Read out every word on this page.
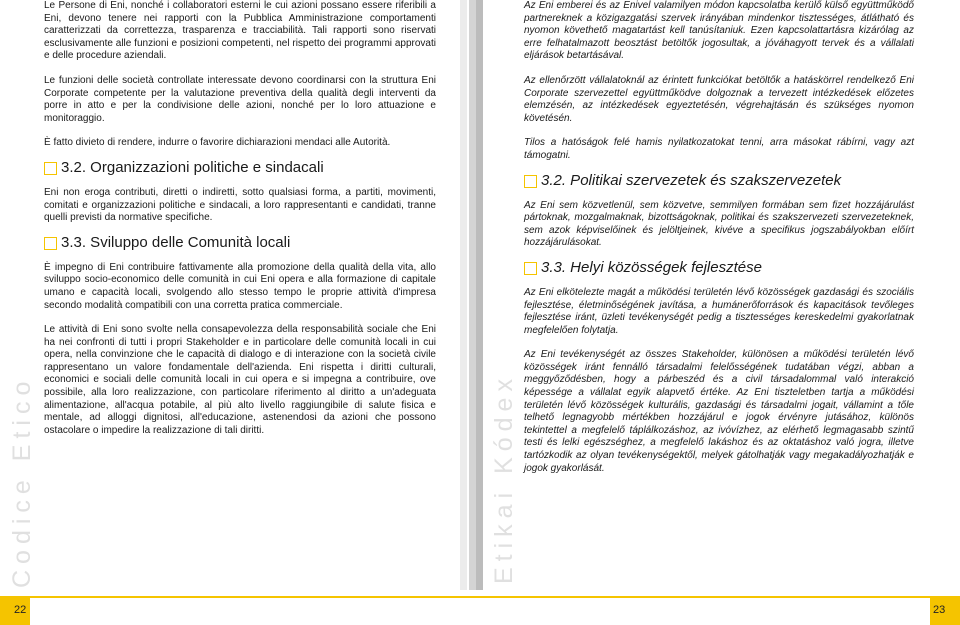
Codice Etico	Etikai Kódex

Le Persone di Eni, nonché i collaboratori esterni le cui azioni possano essere riferibili a Eni, devono tenere nei rapporti con la Pubblica Amministrazione comportamenti caratterizzati da correttezza, trasparenza e tracciabilità. Tali rapporti sono riservati esclusivamente alle funzioni e posizioni competenti, nel rispetto dei programmi approvati e delle procedure aziendali.

Le funzioni delle società controllate interessate devono coordinarsi con la struttura Eni Corporate competente per la valutazione preventiva della qualità degli interventi da porre in atto e per la condivisione delle azioni, nonché per lo loro attuazione e monitoraggio.

È fatto divieto di rendere, indurre o favorire dichiarazioni mendaci alle Autorità.

3.2. Organizzazioni politiche e sindacali

Eni non eroga contributi, diretti o indiretti, sotto qualsiasi forma, a partiti, movimenti, comitati e organizzazioni politiche e sindacali, a loro rappresentanti e candidati, tranne quelli previsti da normative specifiche.

3.3. Sviluppo delle Comunità locali

È impegno di Eni contribuire fattivamente alla promozione della qualità della vita, allo sviluppo socio-economico delle comunità in cui Eni opera e alla formazione di capitale umano e capacità locali, svolgendo allo stesso tempo le proprie attività d'impresa secondo modalità compatibili con una corretta pratica commerciale.

Le attività di Eni sono svolte nella consapevolezza della responsabilità sociale che Eni ha nei confronti di tutti i propri Stakeholder e in particolare delle comunità locali in cui opera, nella convinzione che le capacità di dialogo e di interazione con la società civile rappresentano un valore fondamentale dell'azienda. Eni rispetta i diritti culturali, economici e sociali delle comunità locali in cui opera e si impegna a contribuire, ove possibile, alla loro realizzazione, con particolare riferimento al diritto a un'adeguata alimentazione, all'acqua potabile, al più alto livello raggiungibile di salute fisica e mentale, ad alloggi dignitosi, all'educazione, astenendosi da azioni che possono ostacolare o impedire la realizzazione di tali diritti.

Az Eni emberei és az Enivel valamilyen módon kapcsolatba kerülő külső együttműködő partnereknek a közigazgatási szervek irányában mindenkor tisztességes, átlátható és nyomon követhető magatartást kell tanúsítaniuk. Ezen kapcsolattartásra kizárólag az erre felhatalmazott beosztást betöltők jogosultak, a jóváhagyott tervek és a vállalati eljárások betartásával.

Az ellenőrzött vállalatoknál az érintett funkciókat betöltők a hatáskörrel rendelkező Eni Corporate szervezettel együttműködve dolgoznak a tervezett intézkedések előzetes elemzésén, az intézkedések egyeztetésén, végrehajtásán és szükséges nyomon követésén.

Tilos a hatóságok felé hamis nyilatkozatokat tenni, arra másokat rábírni, vagy azt támogatni.

3.2. Politikai szervezetek és szakszervezetek

Az Eni sem közvetlenül, sem közvetve, semmilyen formában sem fizet hozzájárulást pártoknak, mozgalmaknak, bizottságoknak, politikai és szakszervezeti szervezeteknek, sem azok képviselőinek és jelöltjeinek, kivéve a specifikus jogszabályokban előírt hozzájárulásokat.

3.3. Helyi közösségek fejlesztése

Az Eni elkötelezte magát a működési területén lévő közösségek gazdasági és szociális fejlesztése, életminőségének javítása, a humánerőforrások és kapacitások tevőleges fejlesztése iránt, üzleti tevékenységét pedig a tisztességes kereskedelmi gyakorlatnak megfelelően folytatja.

Az Eni tevékenységét az összes Stakeholder, különösen a működési területén lévő közösségek iránt fennálló társadalmi felelősségének tudatában végzi, abban a meggyőződésben, hogy a párbeszéd és a civil társadalommal való interakció képessége a vállalat egyik alapvető értéke. Az Eni tiszteletben tartja a működési területén lévő közösségek kulturális, gazdasági és társadalmi jogait, vállamint a tőle telhető legnagyobb mértékben hozzájárul e jogok érvényre jutásához, különös tekintettel a megfelelő táplálkozáshoz, az ivóvízhez, az elérhető legmagasabb szintű testi és lelki egészséghez, a megfelelő lakáshoz és az oktatáshoz való jogra, illetve tartózkodik az olyan tevékenységektől, melyek gátolhatják vagy megakadályozhatják e jogok gyakorlását.

22	23
